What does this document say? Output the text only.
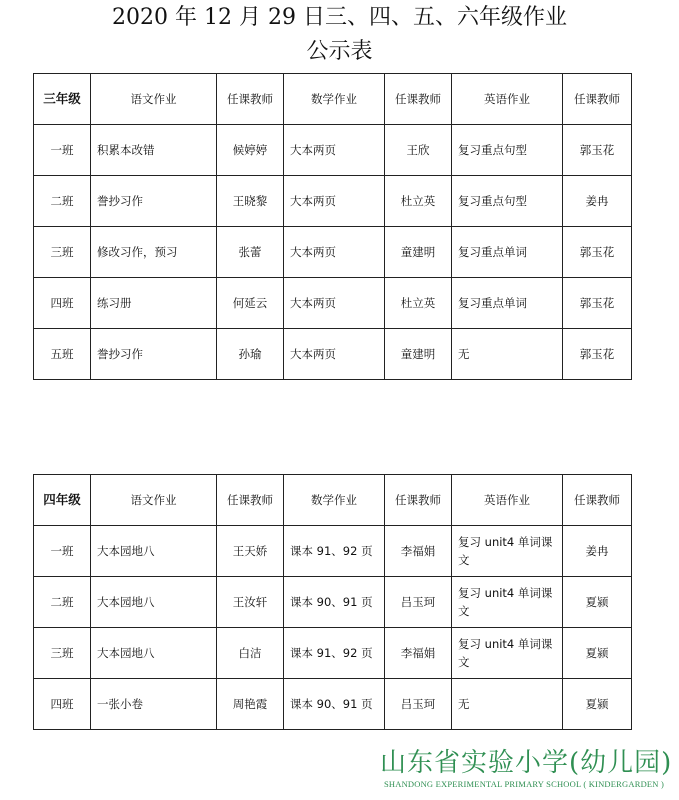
2020 年 12 月 29 日三、四、五、六年级作业
公示表
三年级	语文作业	任课教师	数学作业	任课教师	英语作业	任课教师
一班	积累本改错	候婷婷	大本两页	王欣	复习重点句型	郭玉花
二班	誊抄习作	王晓黎	大本两页	杜立英	复习重点句型	姜冉
三班	修改习作，预习	张蕾	大本两页	童建明	复习重点单词	郭玉花
四班	练习册	何延云	大本两页	杜立英	复习重点单词	郭玉花
五班	誊抄习作	孙瑜	大本两页	童建明	无	郭玉花
四年级	语文作业	任课教师	数学作业	任课教师	英语作业	任课教师
一班	大本园地八	王天娇	课本 91、92 页	李福娟	复习 unit4 单词课文	姜冉
二班	大本园地八	王汝轩	课本 90、91 页	吕玉珂	复习 unit4 单词课文	夏颍
三班	大本园地八	白洁	课本 91、92 页	李福娟	复习 unit4 单词课文	夏颍
四班	一张小卷	周艳霞	课本 90、91 页	吕玉珂	无	夏颍
山东省实验小学(幼儿园)
SHANDONG EXPERIMENTAL PRIMARY SCHOOL ( KINDERGARDEN )
